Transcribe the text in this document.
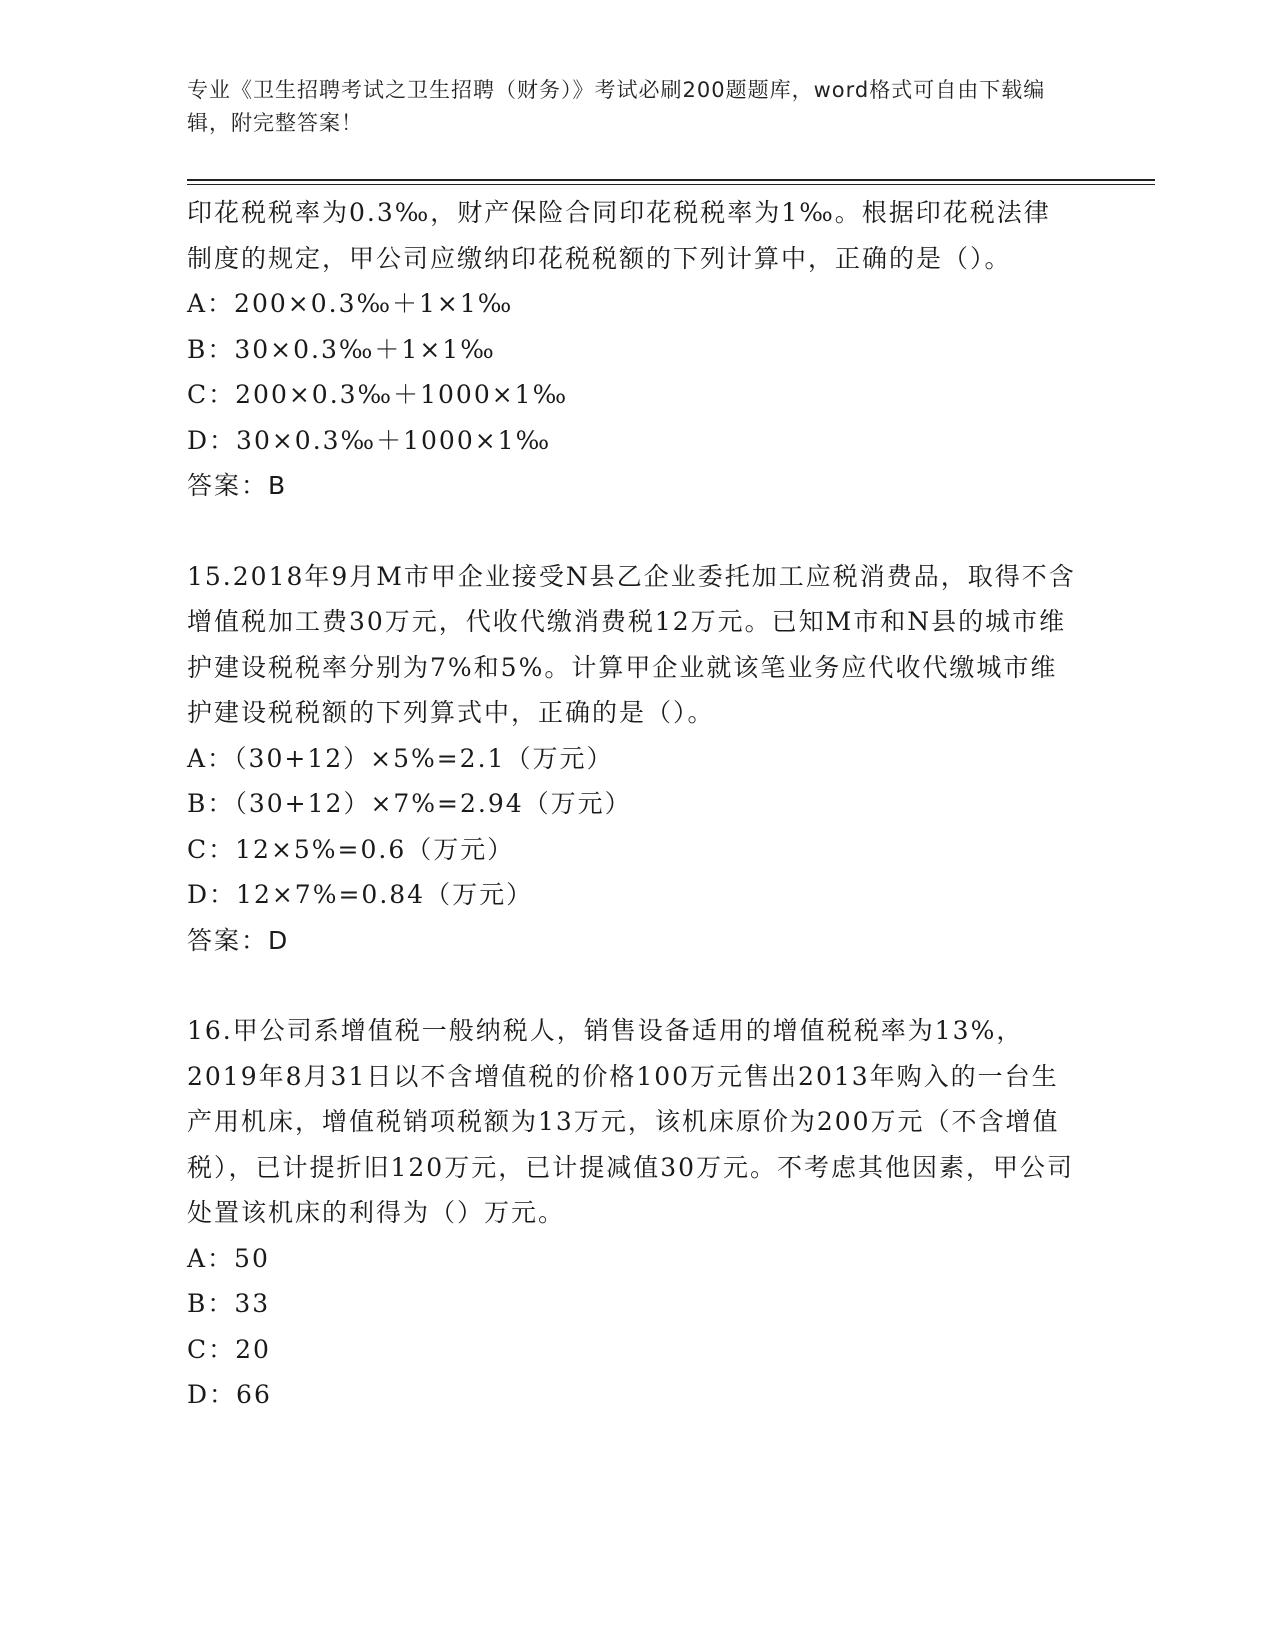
专业《卫生招聘考试之卫生招聘（财务）》考试必刷200题题库，word格式可自由下载编辑，附完整答案！

印花税税率为0.3‰，财产保险合同印花税税率为1‰。根据印花税法律制度的规定，甲公司应缴纳印花税税额的下列计算中，正确的是（）。

A：200×0.3‰＋1×1‰

B：30×0.3‰＋1×1‰

C：200×0.3‰＋1000×1‰

D：30×0.3‰＋1000×1‰

答案：B

15.2018年9月M市甲企业接受N县乙企业委托加工应税消费品，取得不含增值税加工费30万元，代收代缴消费税12万元。已知M市和N县的城市维护建设税税率分别为7%和5%。计算甲企业就该笔业务应代收代缴城市维护建设税税额的下列算式中，正确的是（）。

A：（30+12）×5%=2.1（万元）

B：（30+12）×7%=2.94（万元）

C：12×5%=0.6（万元）

D：12×7%=0.84（万元）

答案：D

16.甲公司系增值税一般纳税人，销售设备适用的增值税税率为13%，2019年8月31日以不含增值税的价格100万元售出2013年购入的一台生产用机床，增值税销项税额为13万元，该机床原价为200万元（不含增值税），已计提折旧120万元，已计提减值30万元。不考虑其他因素，甲公司处置该机床的利得为（）万元。

A：50

B：33

C：20

D：66
